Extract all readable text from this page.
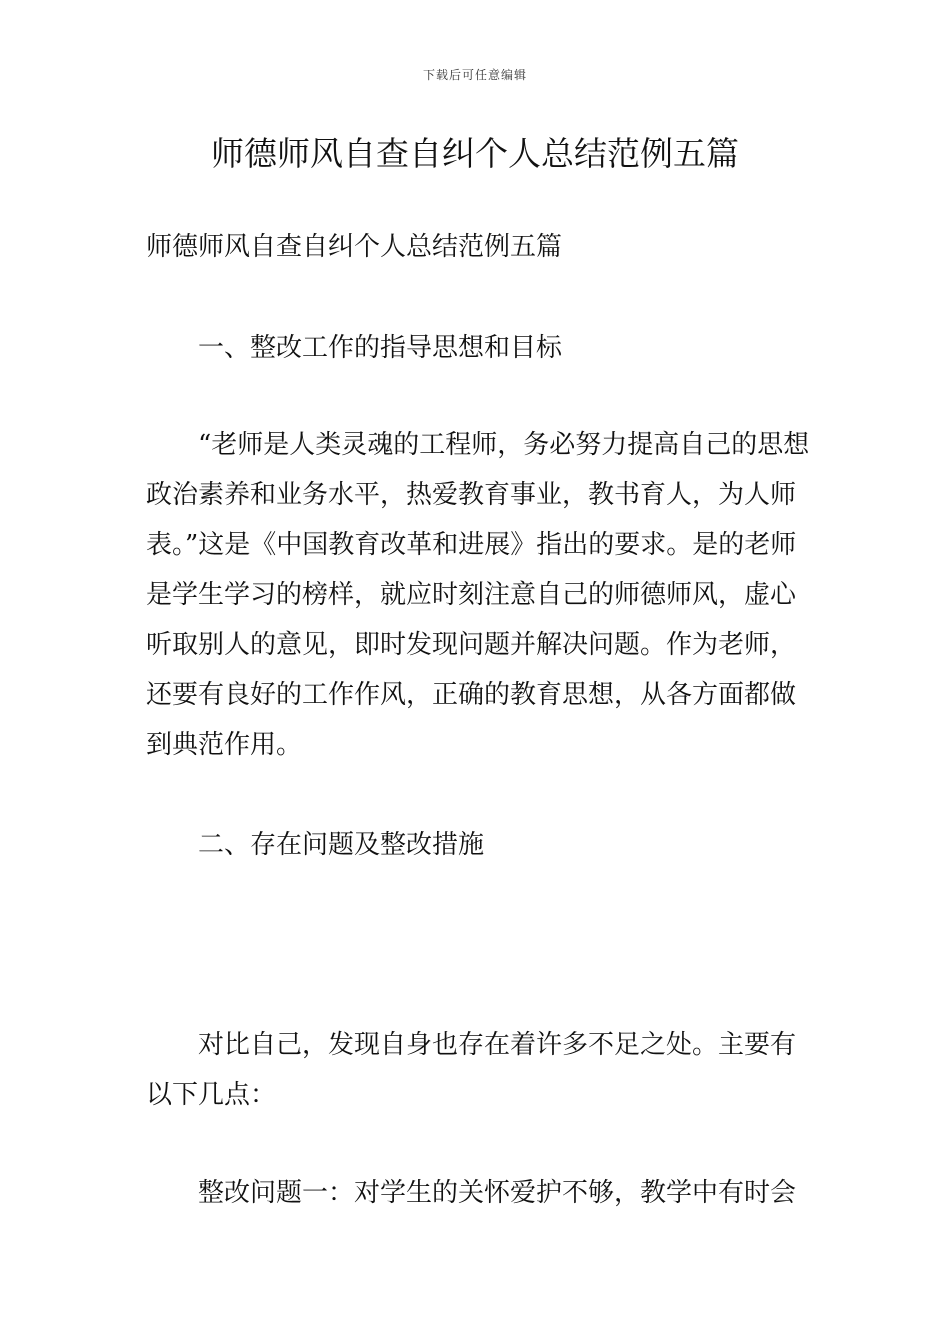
下载后可任意编辑
师德师风自查自纠个人总结范例五篇

师德师风自查自纠个人总结范例五篇

一、整改工作的指导思想和目标

“老师是人类灵魂的工程师，务必努力提高自己的思想政治素养和业务水平，热爱教育事业，教书育人，为人师表。”这是《中国教育改革和进展》指出的要求。是的老师是学生学习的榜样，就应时刻注意自己的师德师风，虚心听取别人的意见，即时发现问题并解决问题。作为老师，还要有良好的工作作风，正确的教育思想，从各方面都做到典范作用。

二、存在问题及整改措施

对比自己，发现自身也存在着许多不足之处。主要有以下几点：

整改问题一：对学生的关怀爱护不够，教学中有时会
